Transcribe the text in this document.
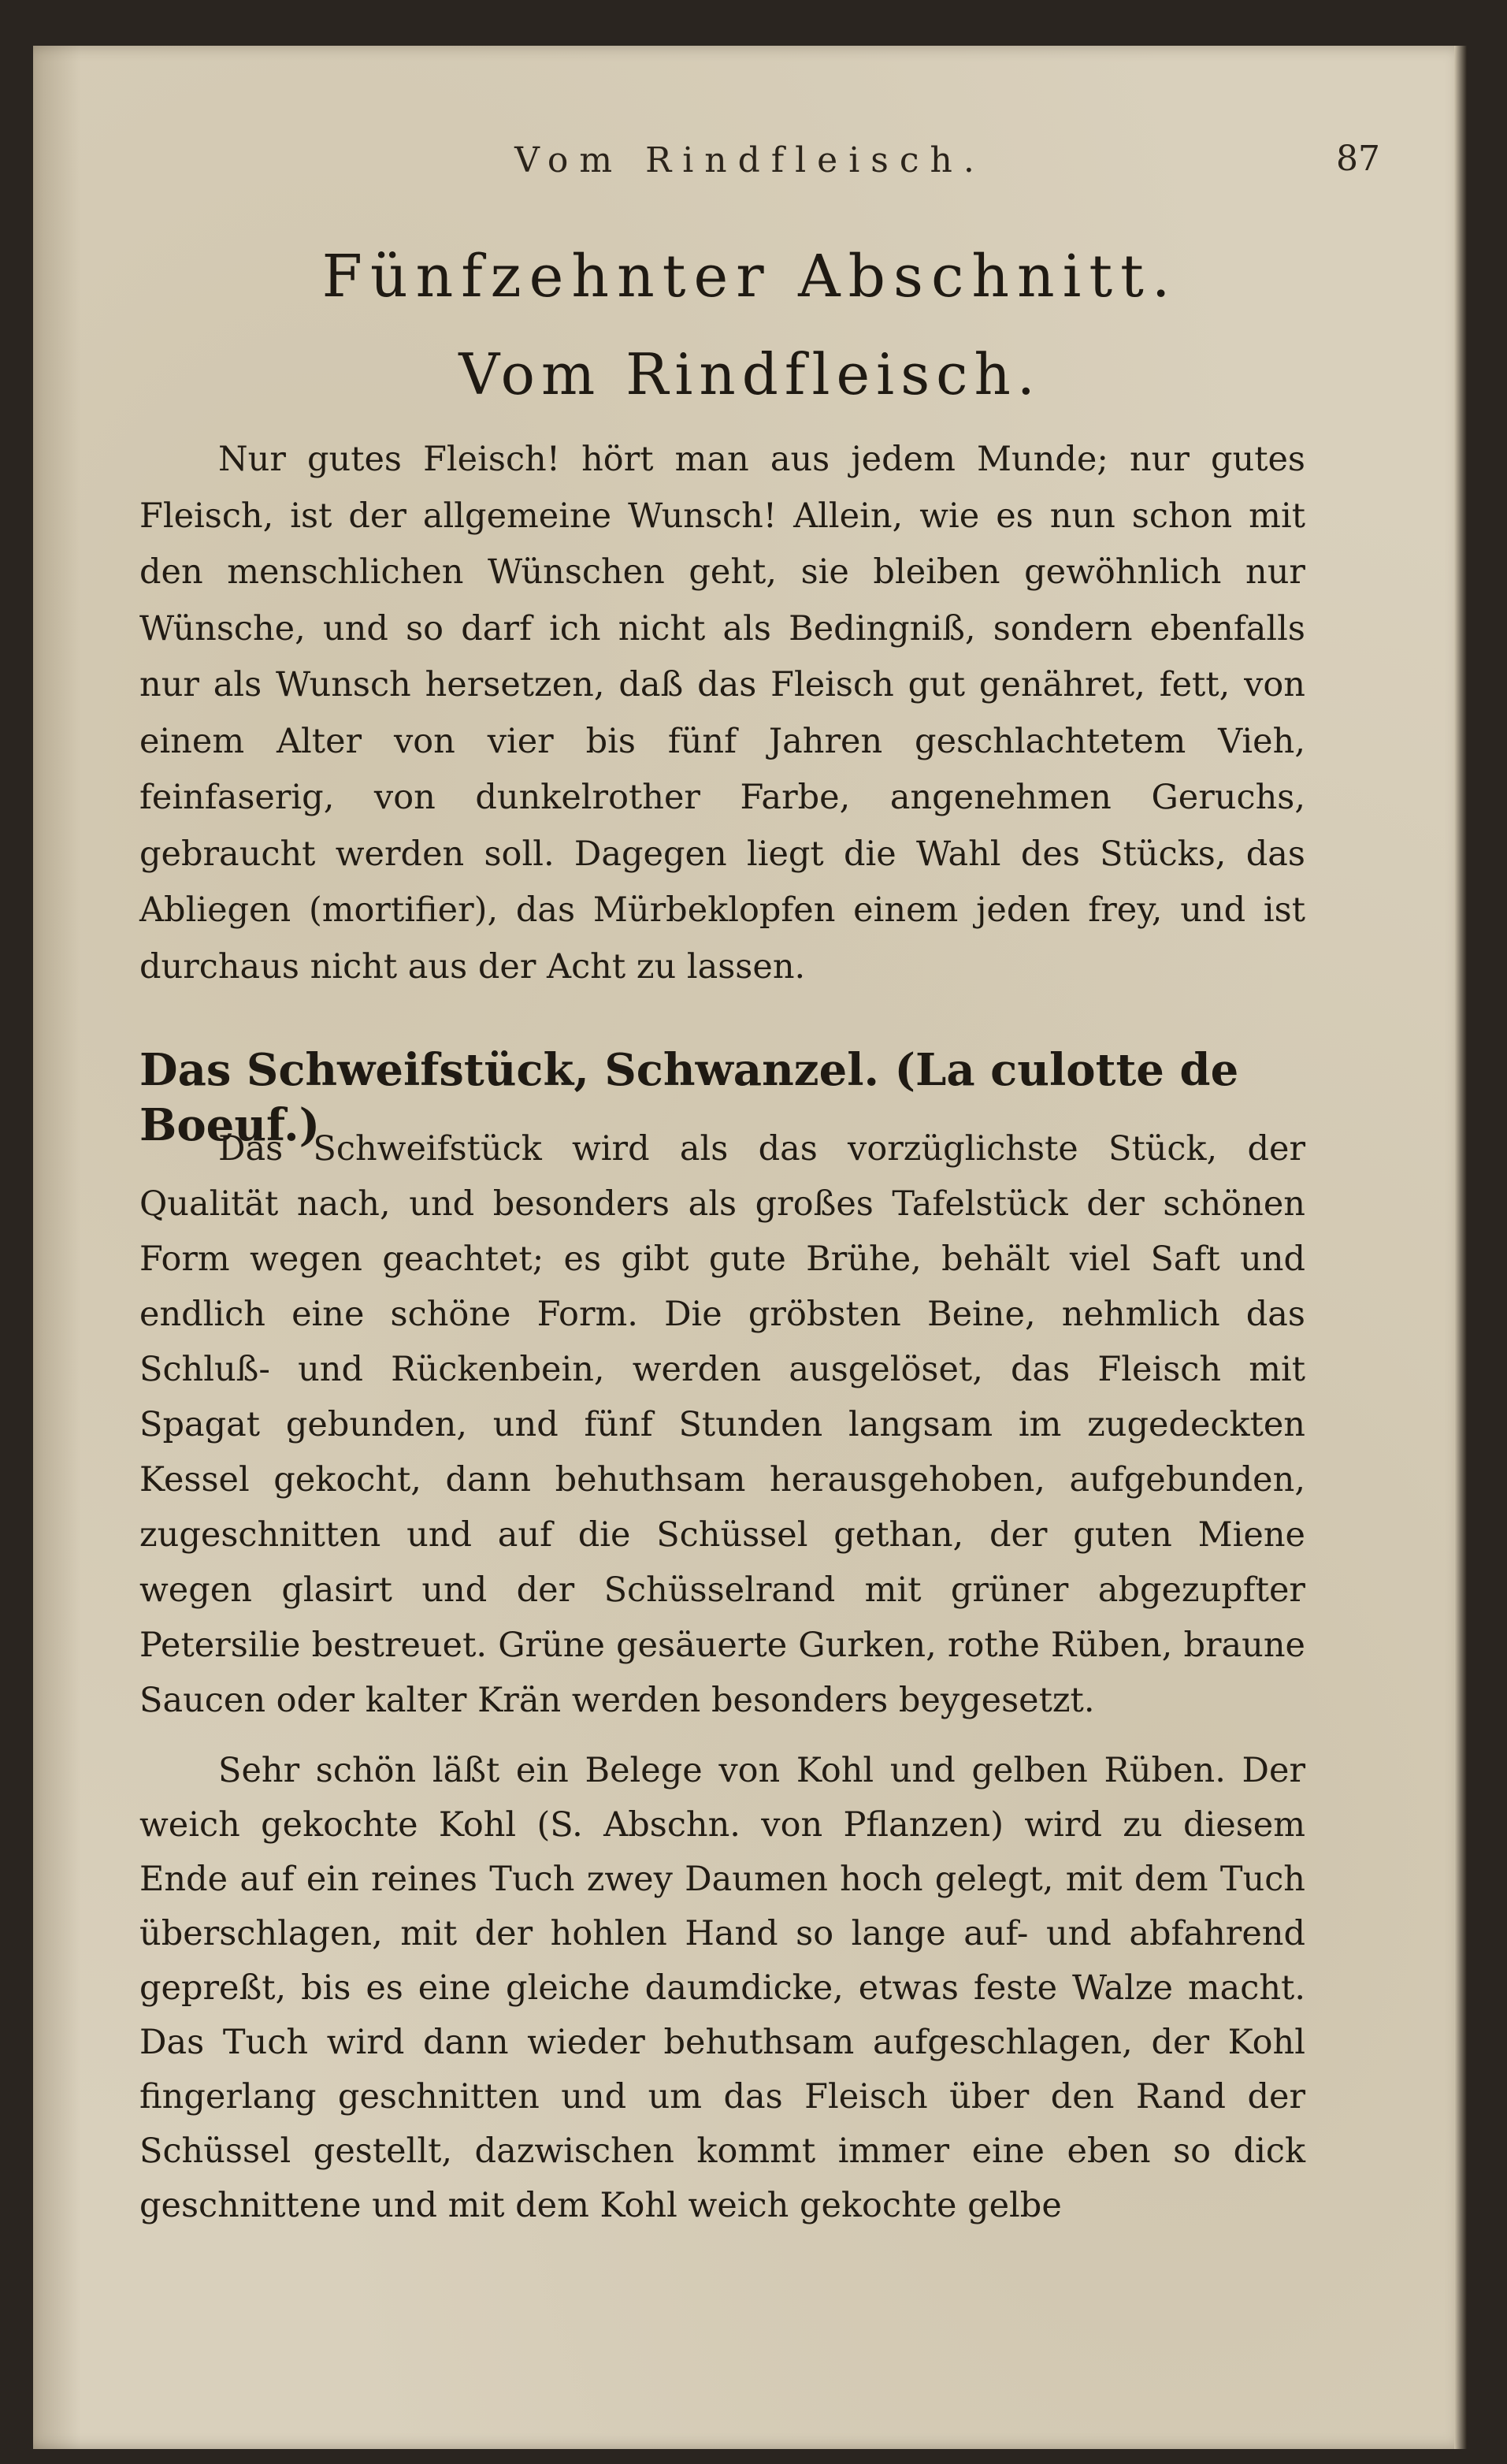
Vom Rindfleisch.	87
Fünfzehnter Abschnitt.
Vom Rindfleisch.

Nur gutes Fleisch! hört man aus jedem Munde; nur gutes Fleisch, ist der allgemeine Wunsch! Allein, wie es nun schon mit den menschlichen Wünschen geht, sie bleiben gewöhnlich nur Wünsche, und so darf ich nicht als Bedingniß, sondern ebenfalls nur als Wunsch hersetzen, daß das Fleisch gut genähret, fett, von einem Alter von vier bis fünf Jahren geschlachtetem Vieh, feinfaserig, von dunkelrother Farbe, angenehmen Geruchs, gebraucht werden soll. Dagegen liegt die Wahl des Stücks, das Abliegen (mortifier), das Mürbeklopfen einem jeden frey, und ist durchaus nicht aus der Acht zu lassen.

Das Schweifstück, Schwanzel. (La culotte de Boeuf.)

Das Schweifstück wird als das vorzüglichste Stück, der Qualität nach, und besonders als großes Tafelstück der schönen Form wegen geachtet; es gibt gute Brühe, behält viel Saft und endlich eine schöne Form. Die gröbsten Beine, nehmlich das Schluß- und Rückenbein, werden ausgelöset, das Fleisch mit Spagat gebunden, und fünf Stunden langsam im zugedeckten Kessel gekocht, dann behuthsam herausgehoben, aufgebunden, zugeschnitten und auf die Schüssel gethan, der guten Miene wegen glasirt und der Schüsselrand mit grüner abgezupfter Petersilie bestreuet. Grüne gesäuerte Gurken, rothe Rüben, braune Saucen oder kalter Krän werden besonders beygesetzt.

Sehr schön läßt ein Belege von Kohl und gelben Rüben. Der weich gekochte Kohl (S. Abschn. von Pflanzen) wird zu diesem Ende auf ein reines Tuch zwey Daumen hoch gelegt, mit dem Tuch überschlagen, mit der hohlen Hand so lange auf- und abfahrend gepreßt, bis es eine gleiche daumdicke, etwas feste Walze macht. Das Tuch wird dann wieder behuthsam aufgeschlagen, der Kohl fingerlang geschnitten und um das Fleisch über den Rand der Schüssel gestellt, dazwischen kommt immer eine eben so dick geschnittene und mit dem Kohl weich gekochte gelbe
